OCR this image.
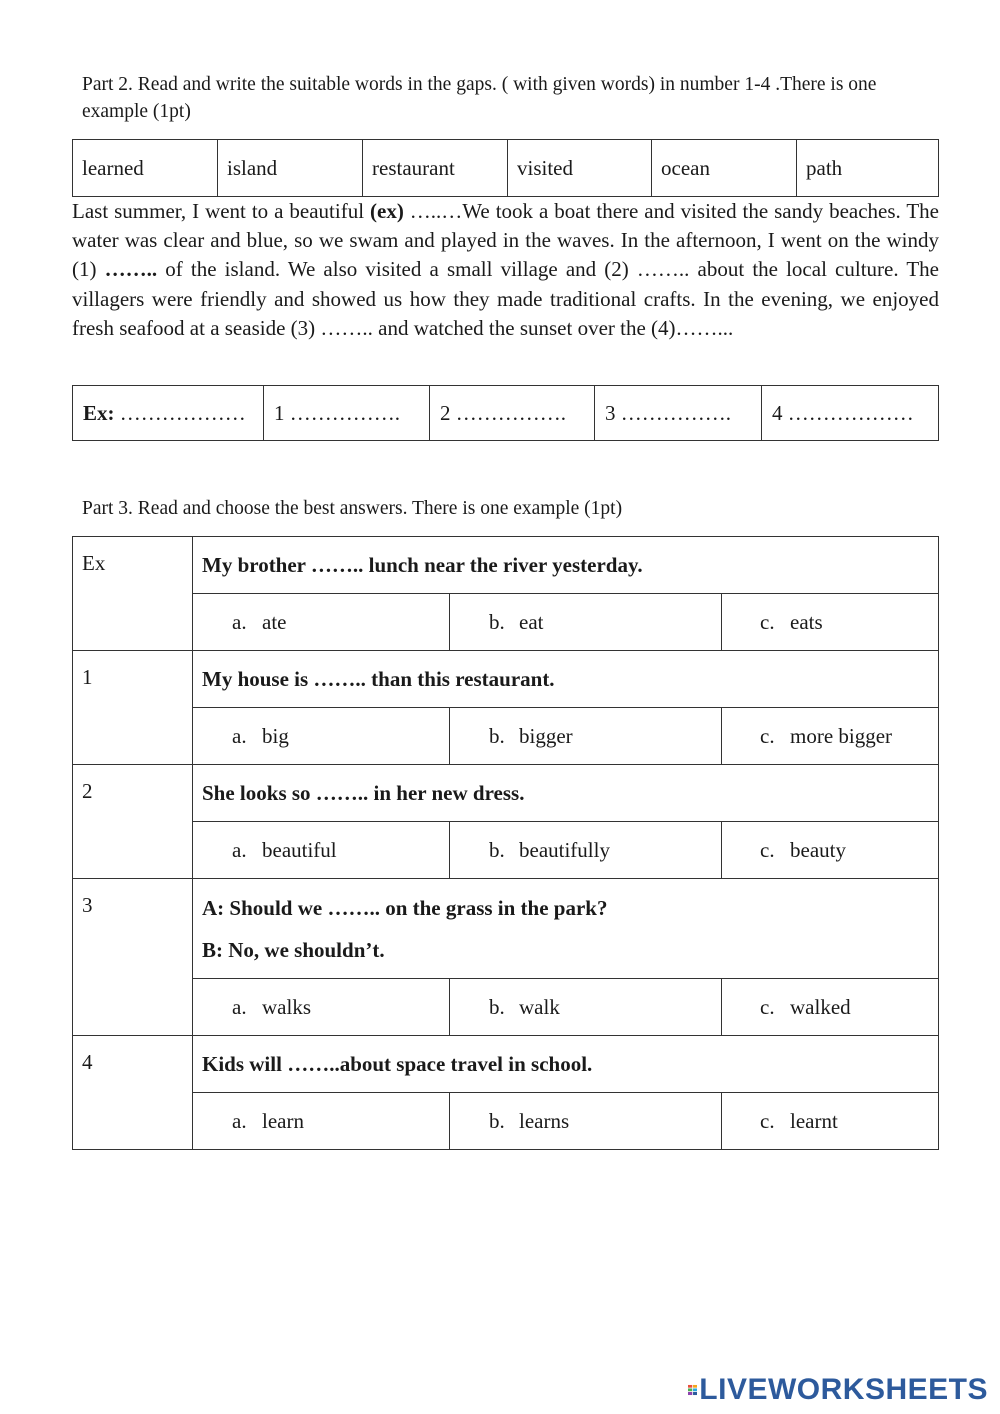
Part 2. Read and write the suitable words in the gaps. ( with given words) in number 1-4 .There is one example (1pt)
learned	island	restaurant	visited	ocean	path
Last summer, I went to a beautiful (ex) …..…We took a boat there and visited the sandy beaches. The water was clear and blue, so we swam and played in the waves. In the afternoon, I went on the windy (1) …….. of the island. We also visited a small village and (2) …….. about the local culture. The villagers were friendly and showed us how they made traditional crafts. In the evening, we enjoyed fresh seafood at a seaside (3) …….. and watched the sunset over the (4)……...
Ex: ………………	1 …………….	2 …………….	3 …………….	4 ………………
Part 3. Read and choose the best answers. There is one example (1pt)
Ex	My brother …….. lunch near the river yesterday.		
	a. ate	b. eat	c. eats
1	My house is …….. than this restaurant.		
	a. big	b. bigger	c. more bigger
2	She looks so …….. in her new dress.		
	a. beautiful	b. beautifully	c. beauty
3	A: Should we …….. on the grass in the park?
B: No, we shouldn’t.		

	a. walks	b. walk	c. walked
4	Kids will ……..about space travel in school.		
	a. learn	b. learns	c. learnt
LIVEWORKSHEETS
